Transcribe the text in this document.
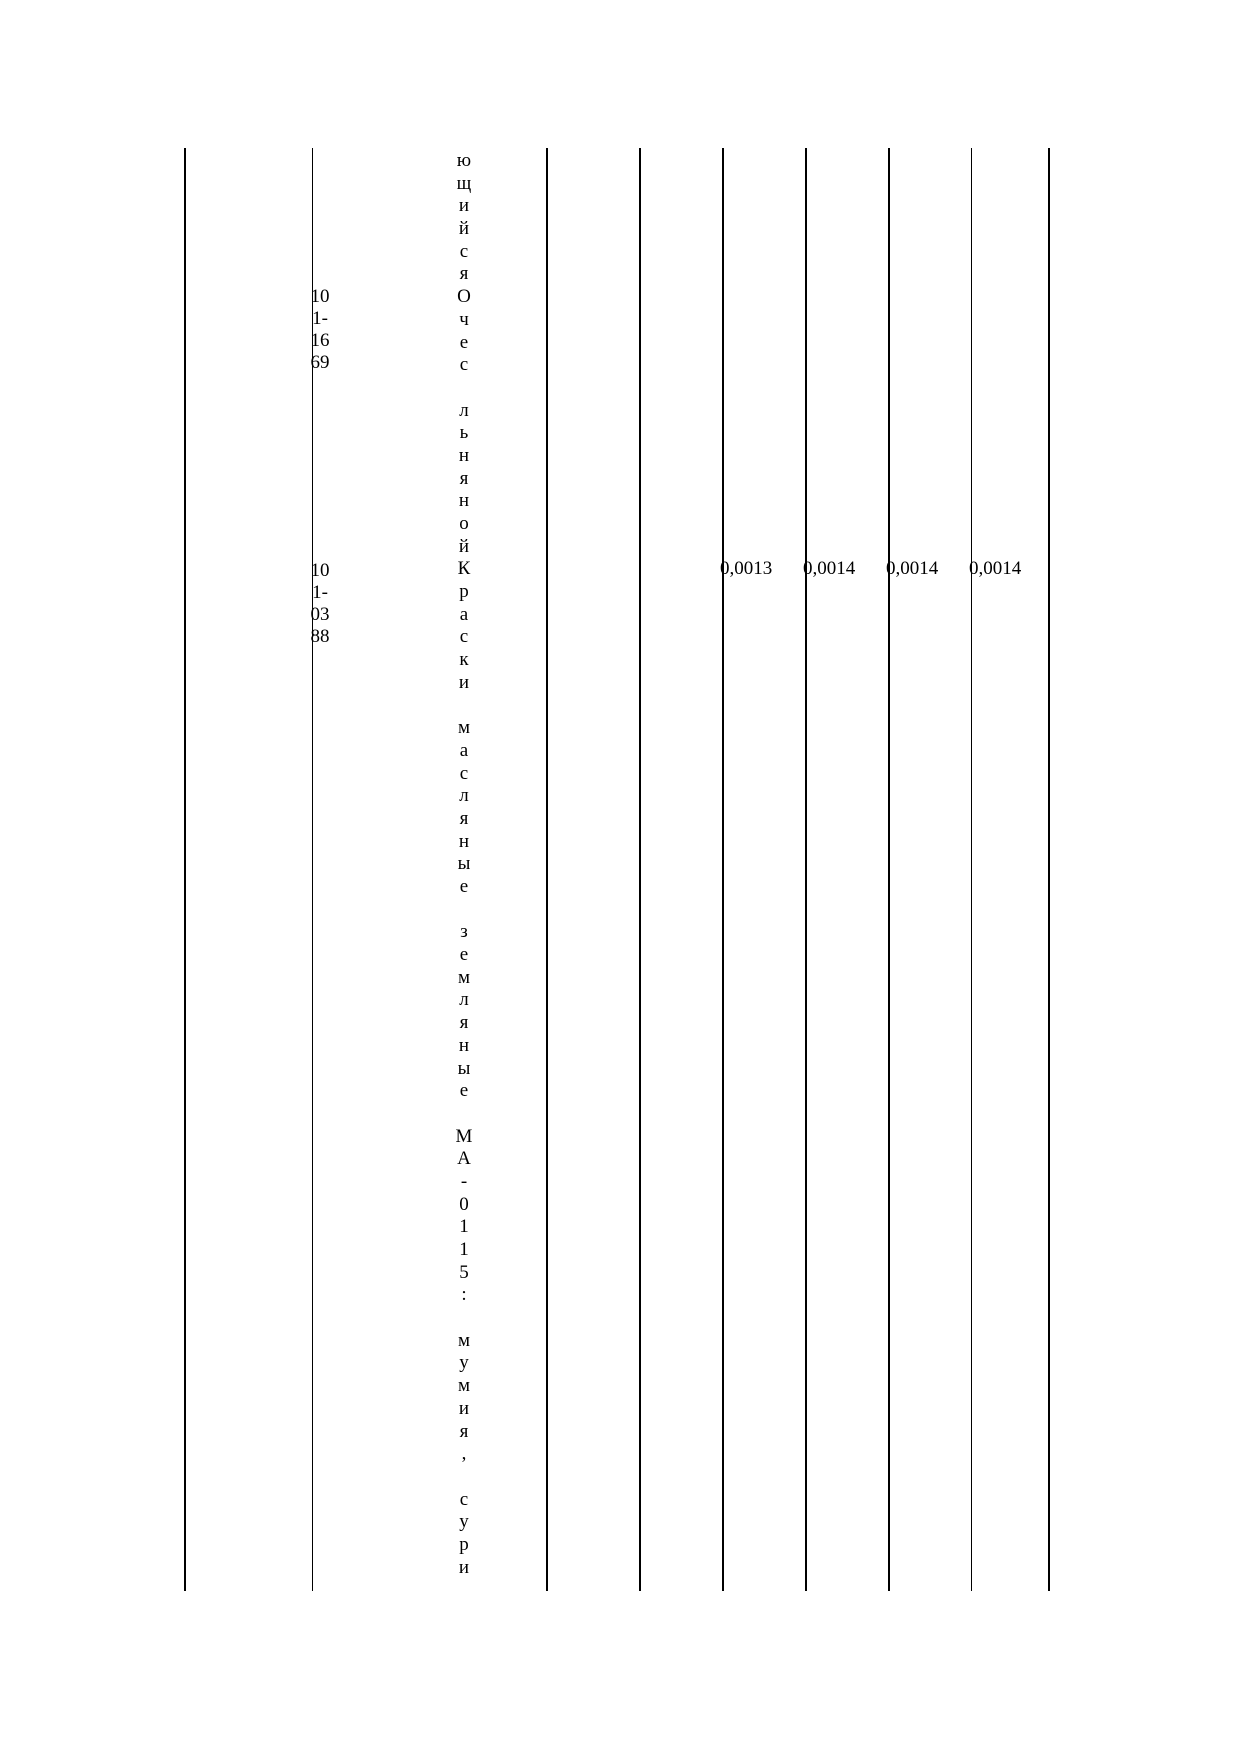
10
1-
16
69
10
1-
03
88
ю
щ
и
й
с
я
О
ч
е
с

л
ь
н
я
н
о
й
К
р
а
с
к
и

м
а
с
л
я
н
ы
е

з
е
м
л
я
н
ы
е

М
А
-
0
1
1
5
:

м
у
м
и
я
,

с
у
р
и
0,0013 0,0014 0,0014 0,0014
